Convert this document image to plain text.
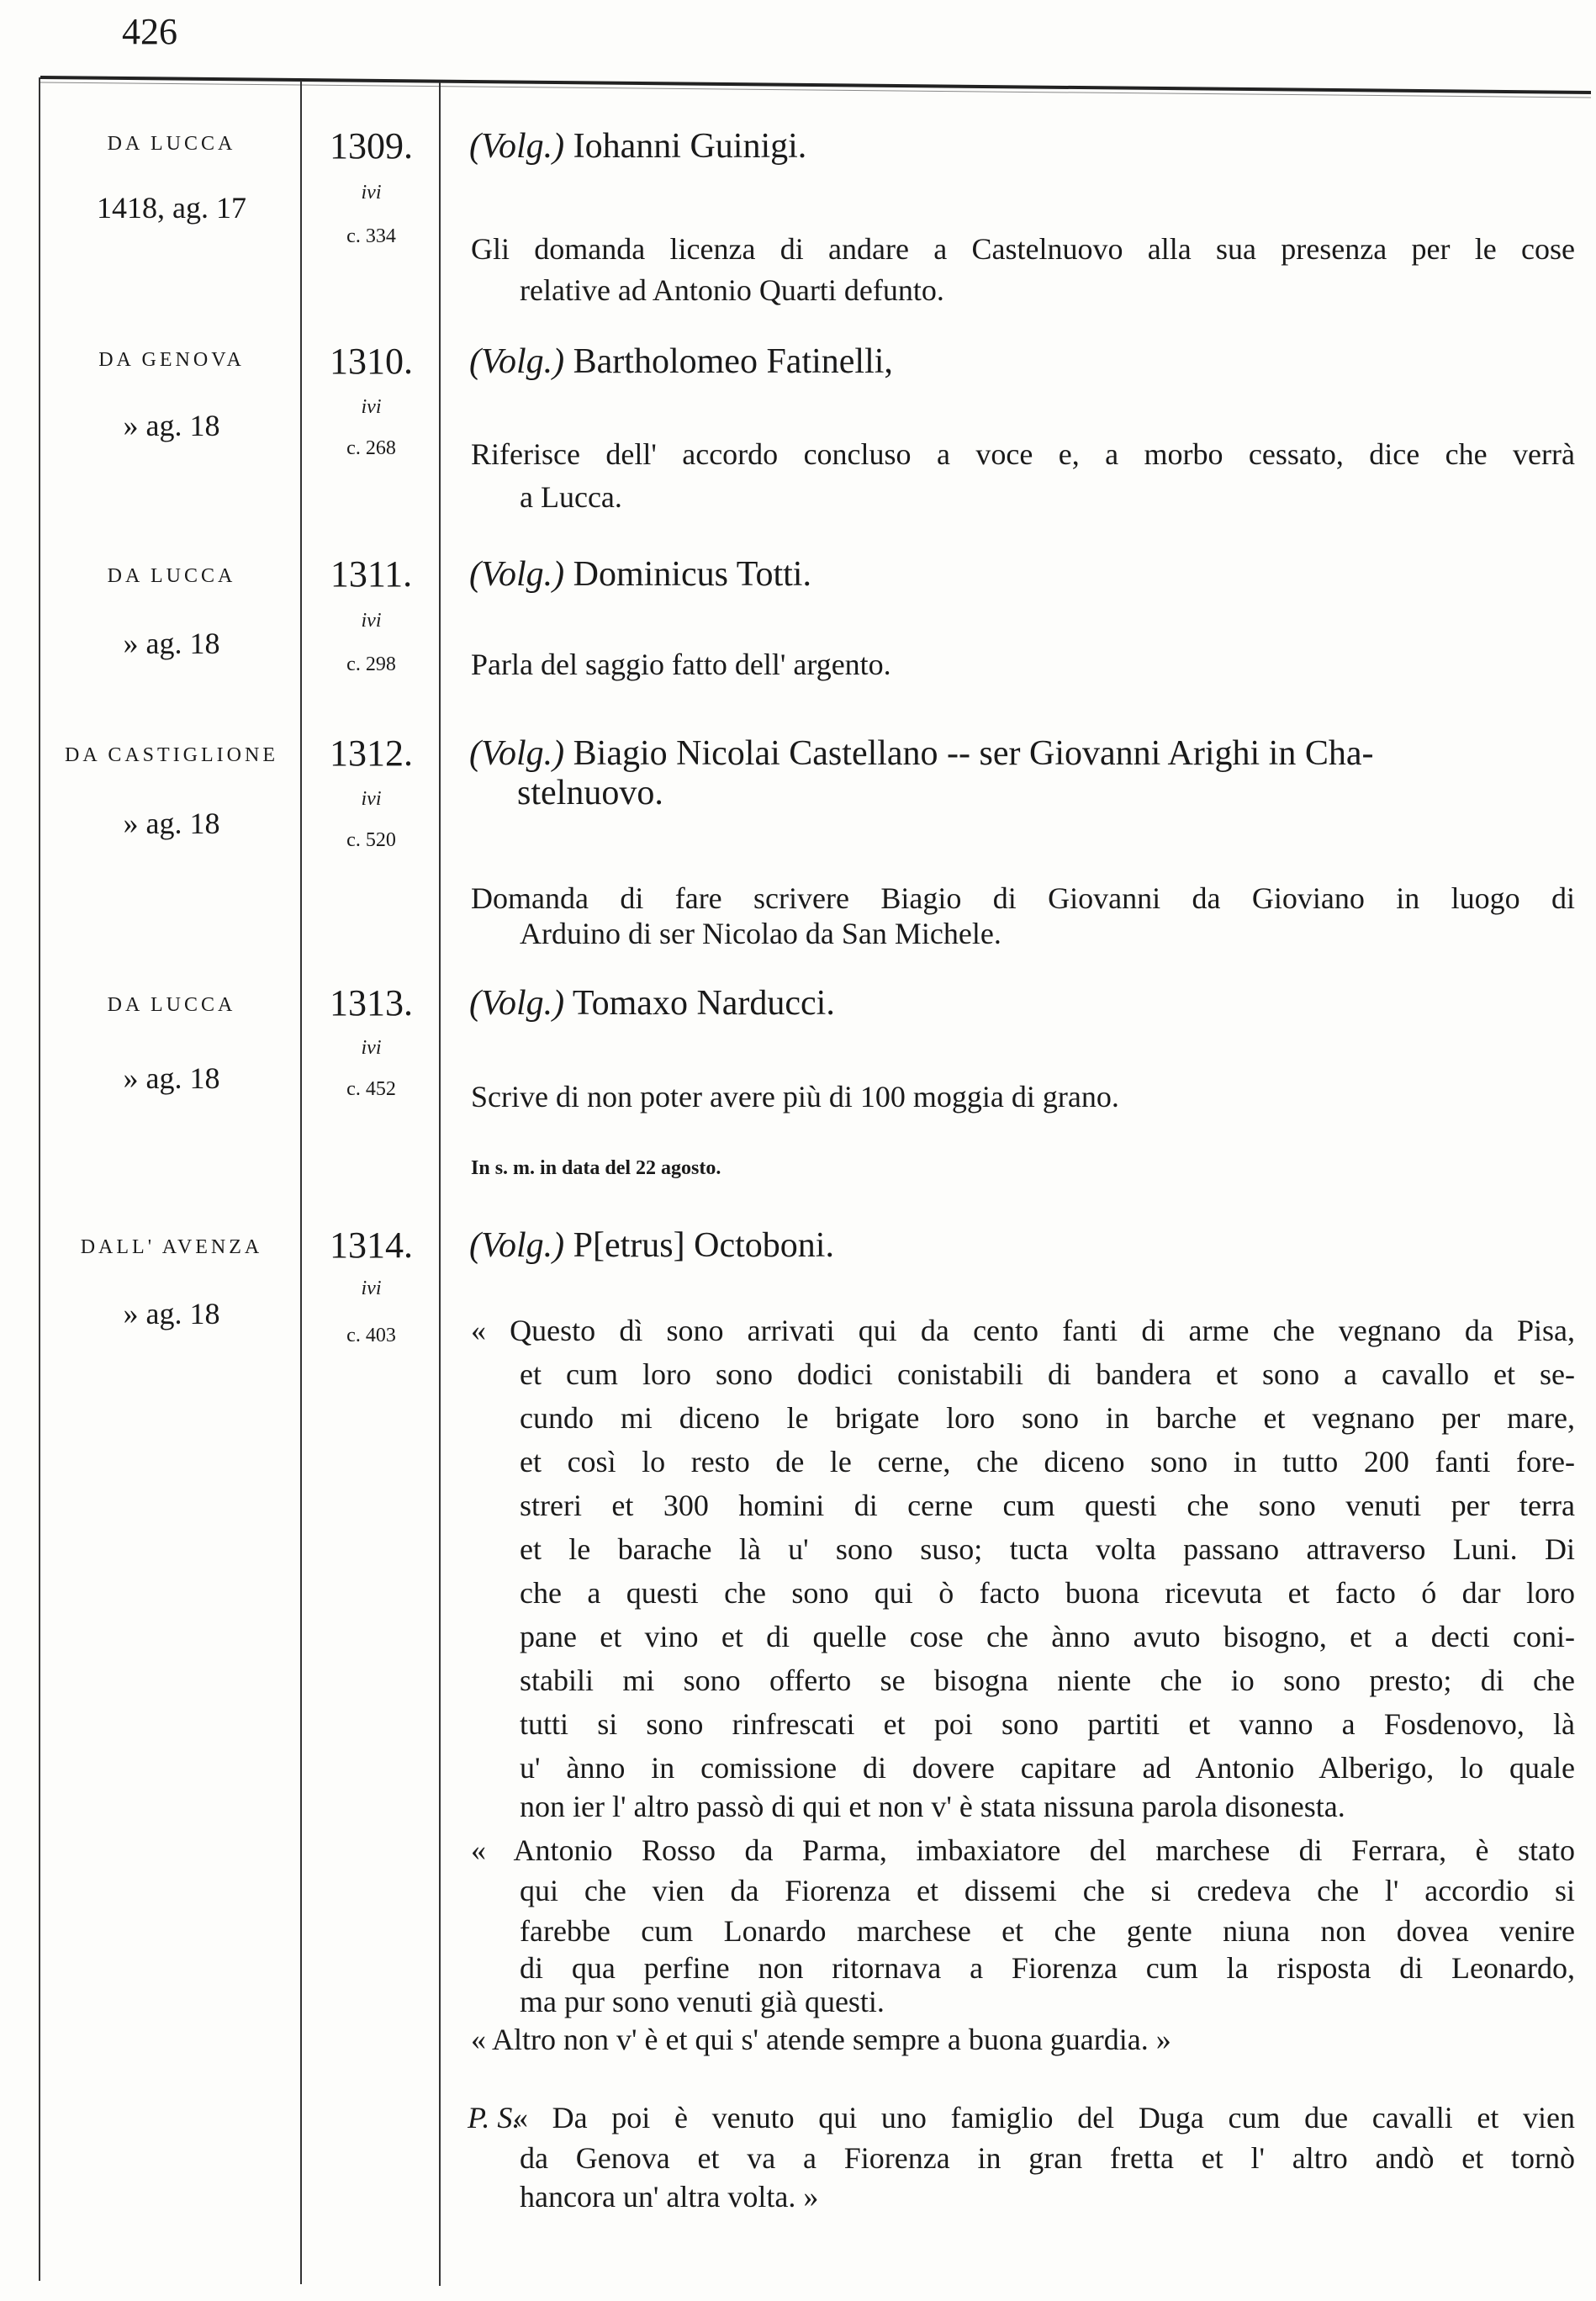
426
DA LUCCA
1418, ag. 17
1309.
ivi
c. 334
(Volg.) Iohanni Guinigi.
Gli domanda licenza di andare a Castelnuovo alla sua presenza per le cose
relative ad Antonio Quarti defunto.
DA GENOVA
» ag. 18
1310.
ivi
c. 268
(Volg.) Bartholomeo Fatinelli,
Riferisce dell' accordo concluso a voce e, a morbo cessato, dice che verrà
a Lucca.
DA LUCCA
» ag. 18
1311.
ivi
c. 298
(Volg.) Dominicus Totti.
Parla del saggio fatto dell' argento.
DA CASTIGLIONE
» ag. 18
1312.
ivi
c. 520
(Volg.) Biagio Nicolai Castellano -- ser Giovanni Arighi in Cha-
stelnuovo.
Domanda di fare scrivere Biagio di Giovanni da Gioviano in luogo di
Arduino di ser Nicolao da San Michele.
DA LUCCA
» ag. 18
1313.
ivi
c. 452
(Volg.) Tomaxo Narducci.
Scrive di non poter avere più di 100 moggia di grano.
In s. m. in data del 22 agosto.
DALL' AVENZA
» ag. 18
1314.
ivi
c. 403
(Volg.) P[etrus] Octoboni.
« Questo dì sono arrivati qui da cento fanti di arme che vegnano da Pisa,
et cum loro sono dodici conistabili di bandera et sono a cavallo et se-
cundo mi diceno le brigate loro sono in barche et vegnano per mare,
et così lo resto de le cerne, che diceno sono in tutto 200 fanti fore-
streri et 300 homini di cerne cum questi che sono venuti per terra
et le barache là u' sono suso; tucta volta passano attraverso Luni. Di
che a questi che sono qui ò facto buona ricevuta et facto ó dar loro
pane et vino et di quelle cose che ànno avuto bisogno, et a decti coni-
stabili mi sono offerto se bisogna niente che io sono presto; di che
tutti si sono rinfrescati et poi sono partiti et vanno a Fosdenovo, là
u' ànno in comissione di dovere capitare ad Antonio Alberigo, lo quale
non ier l' altro passò di qui et non v' è stata nissuna parola disonesta.
« Antonio Rosso da Parma, imbaxiatore del marchese di Ferrara, è stato
qui che vien da Fiorenza et dissemi che si credeva che l' accordio si
farebbe cum Lonardo marchese et che gente niuna non dovea venire
di qua perfine non ritornava a Fiorenza cum la risposta di Leonardo,
ma pur sono venuti già questi.
« Altro non v' è et qui s' atende sempre a buona guardia. »
« Da poi è venuto qui uno famiglio del Duga cum due cavalli et vien
da Genova et va a Fiorenza in gran fretta et l' altro andò et tornò
hancora un' altra volta. »
P. S.
